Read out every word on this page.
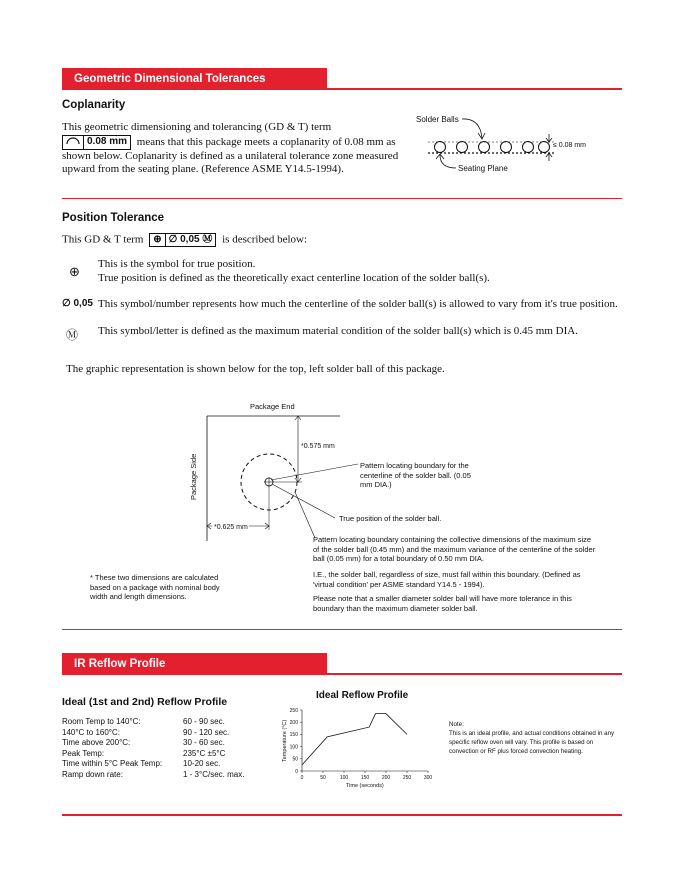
Geometric Dimensional Tolerances
Coplanarity
This geometric dimensioning and tolerancing (GD & T) term

0.08 mm means that this package meets a coplanarity of 0.08 mm as shown below. Coplanarity is defined as a unilateral tolerance zone measured upward from the seating plane. (Reference ASME Y14.5-1994).
Solder Balls
≤ 0.08 mm
Seating Plane
Position Tolerance
This GD & T term ⊕ ∅ 0,05 Ⓜ is described below:
⊕ This is the symbol for true position.
True position is defined as the theoretically exact centerline location of the solder ball(s).
∅ 0,05 This symbol/number represents how much the centerline of the solder ball(s) is allowed to vary from it's true position.
Ⓜ This symbol/letter is defined as the maximum material condition of the solder ball(s) which is 0.45 mm DIA.
The graphic representation is shown below for the top, left solder ball of this package.
Package End
Package Side
*0.575 mm
*0.625 mm
Pattern locating boundary for the centerline of the solder ball. (0.05 mm DIA.)
True position of the solder ball.
Pattern locating boundary containing the collective dimensions of the maximum size of the solder ball (0.45 mm) and the maximum variance of the centerline of the solder ball (0.05 mm) for a total boundary of 0.50 mm DIA.
I.E., the solder ball, regardless of size, must fall within this boundary. (Defined as 'virtual condition' per ASME standard Y14.5 - 1994).
Please note that a smaller diameter solder ball will have more tolerance in this boundary than the maximum diameter solder ball.
* These two dimensions are calculated based on a package with nominal body width and length dimensions.
IR Reflow Profile
Ideal (1st and 2nd) Reflow Profile
Room Temp to 140°C:	60 - 90 sec.
140°C to 160°C:	90 - 120 sec.
Time above 200°C:	30 - 60 sec.
Peak Temp:	235°C ±5°C
Time within 5°C Peak Temp:	10-20 sec.
Ramp down rate:	1 - 3°C/sec. max.
Ideal Reflow Profile
Temperature (°C)
Time (seconds)
0	50	100	150	200	250	300
0
50
100
150
200
250
Note:
This is an ideal profile, and actual conditions obtained in any specific reflow oven will vary. This profile is based on convection or RF plus forced convection heating.
